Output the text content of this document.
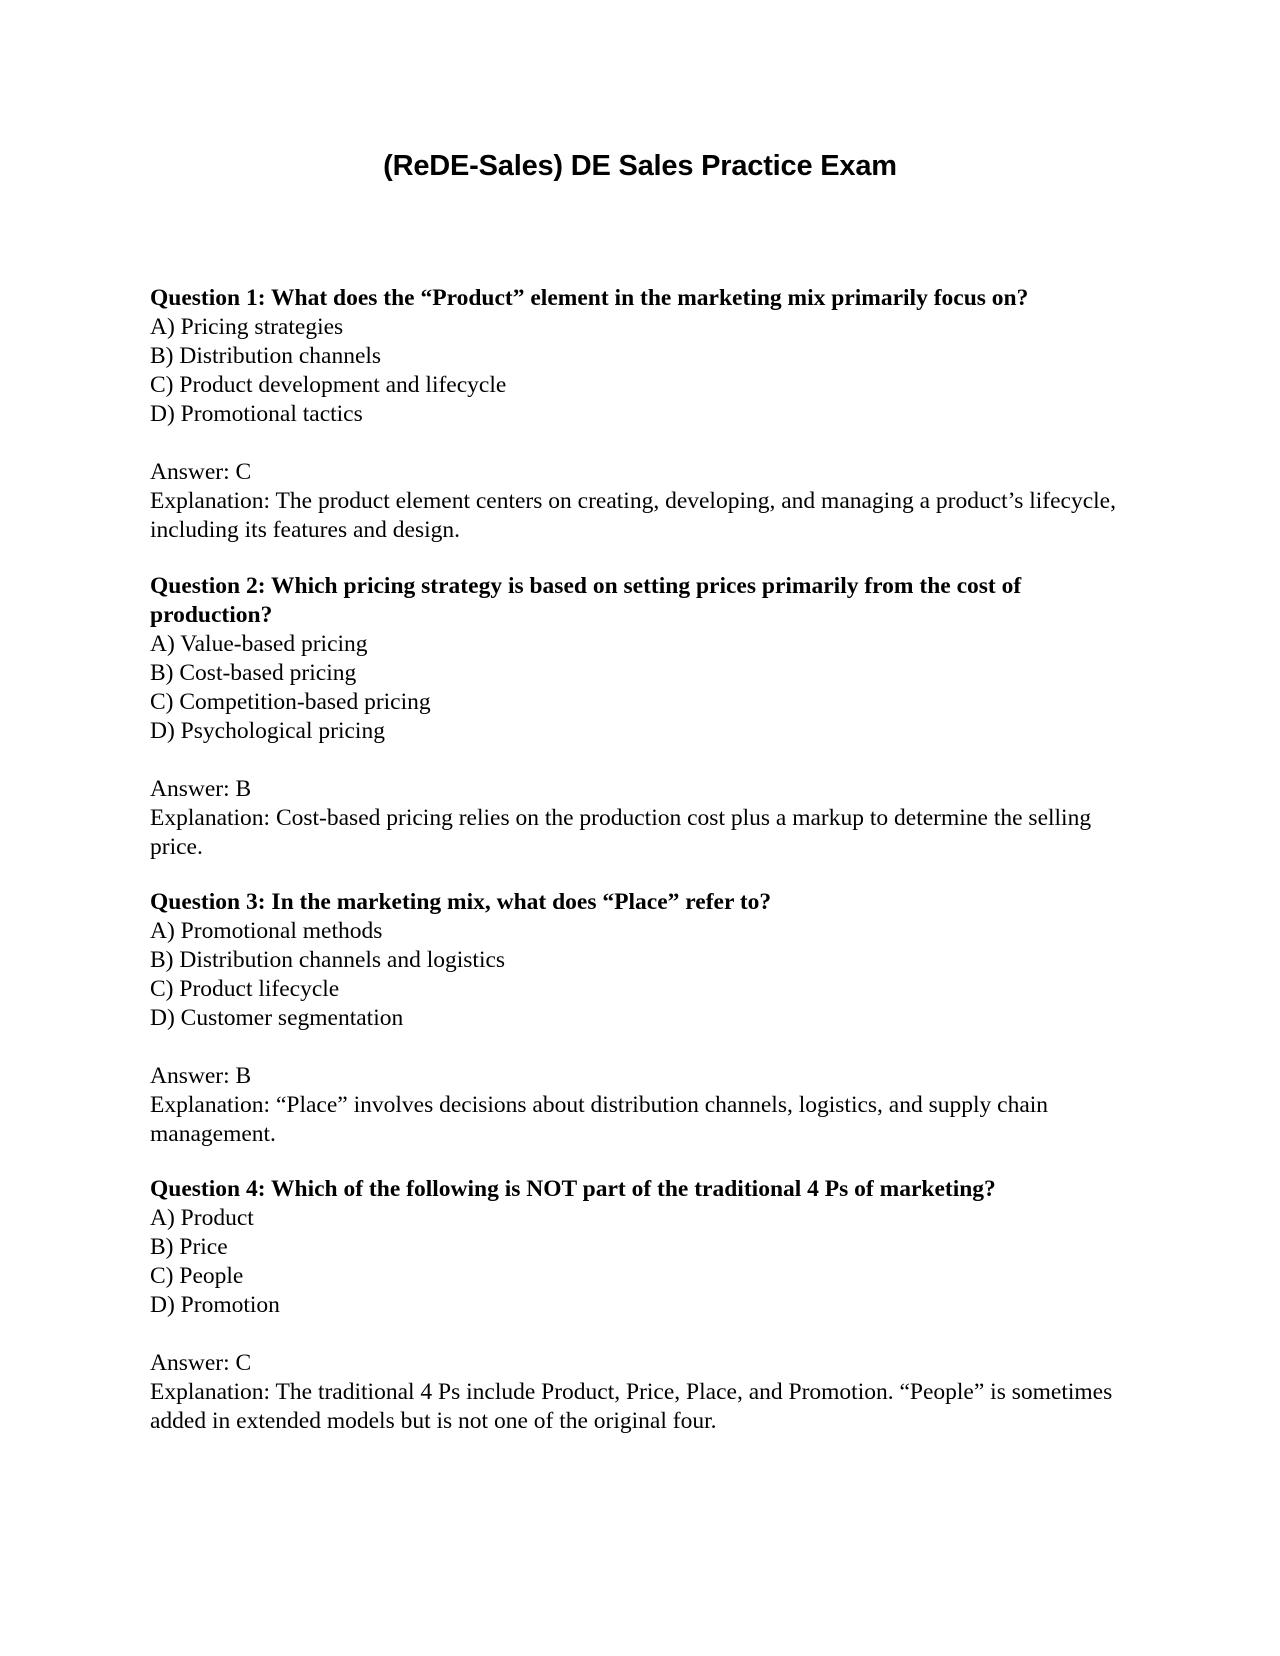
(ReDE-Sales) DE Sales Practice Exam

Question 1: What does the “Product” element in the marketing mix primarily focus on?

A) Pricing strategies

B) Distribution channels

C) Product development and lifecycle

D) Promotional tactics

Answer: C

Explanation: The product element centers on creating, developing, and managing a product’s lifecycle, including its features and design.

Question 2: Which pricing strategy is based on setting prices primarily from the cost of production?

A) Value-based pricing

B) Cost-based pricing

C) Competition-based pricing

D) Psychological pricing

Answer: B

Explanation: Cost-based pricing relies on the production cost plus a markup to determine the selling price.

Question 3: In the marketing mix, what does “Place” refer to?

A) Promotional methods

B) Distribution channels and logistics

C) Product lifecycle

D) Customer segmentation

Answer: B

Explanation: “Place” involves decisions about distribution channels, logistics, and supply chain management.

Question 4: Which of the following is NOT part of the traditional 4 Ps of marketing?

A) Product

B) Price

C) People

D) Promotion

Answer: C

Explanation: The traditional 4 Ps include Product, Price, Place, and Promotion. “People” is sometimes added in extended models but is not one of the original four.
